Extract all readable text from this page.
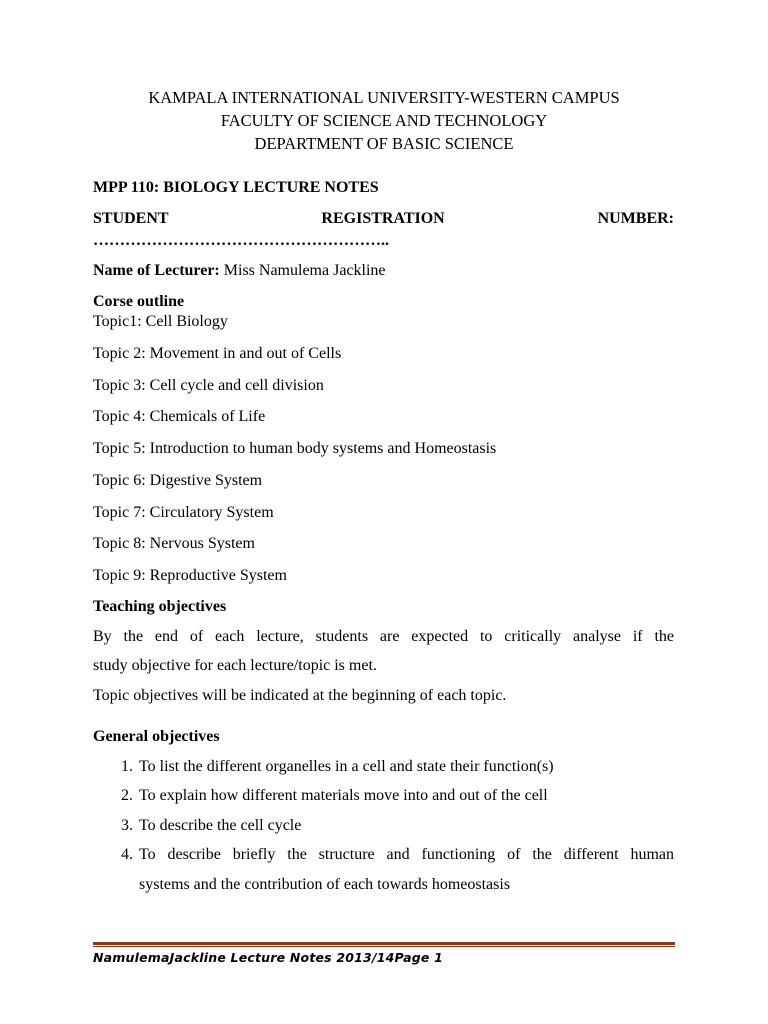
KAMPALA INTERNATIONAL UNIVERSITY-WESTERN CAMPUS
FACULTY OF SCIENCE AND TECHNOLOGY
DEPARTMENT OF BASIC SCIENCE
MPP 110: BIOLOGY LECTURE NOTES
STUDENT	REGISTRATION	NUMBER:
………………………………………………..
Name of Lecturer: Miss Namulema Jackline
Corse outline
Topic1: Cell Biology
Topic 2: Movement in and out of Cells
Topic 3: Cell cycle and cell division
Topic 4: Chemicals of Life
Topic 5: Introduction to human body systems and Homeostasis
Topic 6: Digestive System
Topic 7: Circulatory System
Topic 8: Nervous System
Topic 9: Reproductive System
Teaching objectives
By the end of each lecture, students are expected to critically analyse if the
study objective for each lecture/topic is met.
Topic objectives will be indicated at the beginning of each topic.
General objectives
1. To list the different organelles in a cell and state their function(s)
2. To explain how different materials move into and out of the cell
3. To describe the cell cycle
4. To describe briefly the structure and functioning of the different human
systems and the contribution of each towards homeostasis
NamulemaJackline Lecture Notes 2013/14Page 1
